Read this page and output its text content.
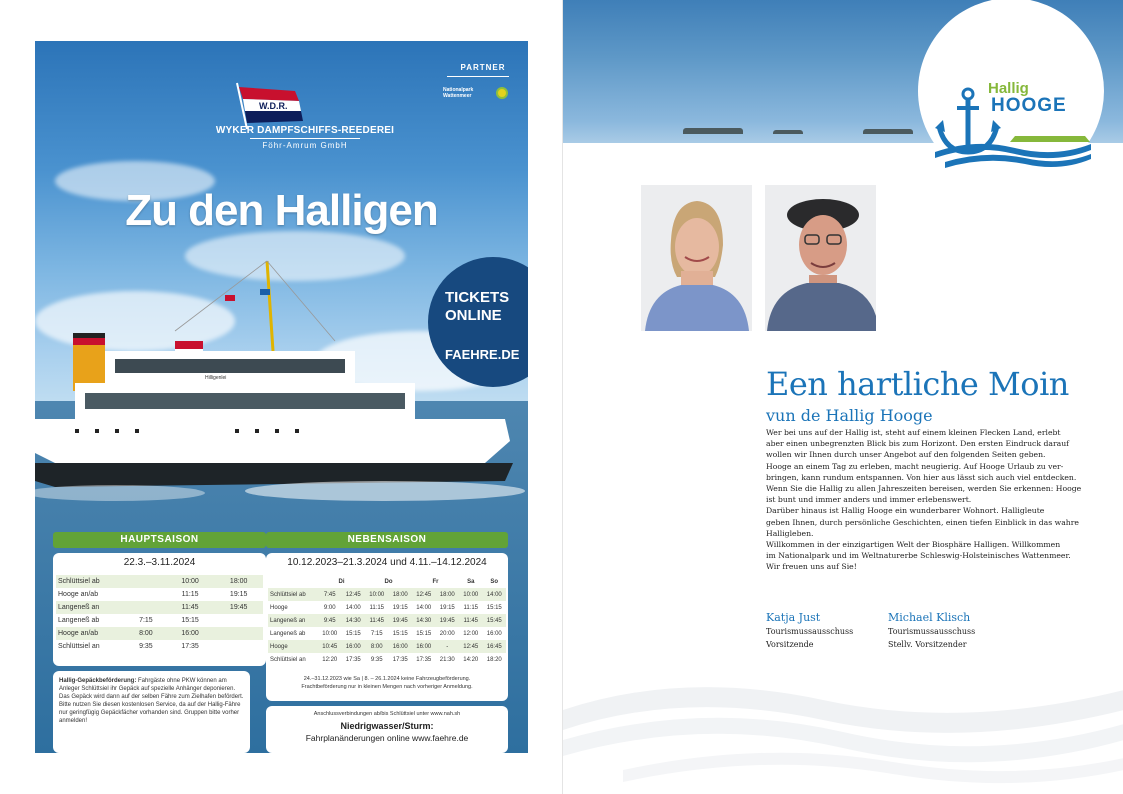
PARTNER
Nationalpark
Wattenmeer
W.D.R.
WYKER DAMPFSCHIFFS-REEDEREI
Föhr-Amrum GmbH
Zu den Halligen
Hilligenlei
TICKETS
ONLINE
FAEHRE.DE
HAUPTSAISON
22.3.–3.11.2024
Schlüttsiel ab		10:00	18:00
Hooge an/ab		11:15	19:15
Langeneß an		11:45	19:45
Langeneß ab	7:15	15:15	
Hooge an/ab	8:00	16:00	
Schlüttsiel an	9:35	17:35	
Hallig-Gepäckbeförderung: Fahrgäste ohne PKW können am Anleger Schlüttsiel ihr Gepäck auf spezielle Anhänger deponieren. Das Gepäck wird dann auf der selben Fähre zum Zielhafen befördert. Bitte nutzen Sie diesen kostenlosen Service, da auf der Hallig-Fähre nur geringfügig Gepäckfächer vorhanden sind. Gruppen bitte vorher anmelden!
NEBENSAISON
10.12.2023–21.3.2024 und 4.11.–14.12.2024
	Di		Do		Fr		Sa	So
Schlüttsiel ab	7:45	12:45	10:00	18:00	12:45	18:00	10:00	14:00
Hooge	9:00	14:00	11:15	19:15	14:00	19:15	11:15	15:15
Langeneß an	9:45	14:30	11:45	19:45	14:30	19:45	11:45	15:45
Langeneß ab	10:00	15:15	7:15	15:15	15:15	20:00	12:00	16:00
Hooge	10:45	16:00	8:00	16:00	16:00	-	12:45	16:45
Schlüttsiel an	12:20	17:35	9:35	17:35	17:35	21:30	14:20	18:20
24.–31.12.2023 wie Sa | 8. – 26.1.2024 keine Fahrzeugbeförderung.
Frachtbeförderung nur in kleinen Mengen nach vorheriger Anmeldung.
Anschlussverbindungen ab/bis Schlüttsiel unter www.nah.sh
Niedrigwasser/Sturm:
Fahrplanänderungen online www.faehre.de
Hallig
HOOGE
Een hartliche Moin
vun de Hallig Hooge

Wer bei uns auf der Hallig ist, steht auf einem kleinen Flecken Land, erlebt

aber einen unbegrenzten Blick bis zum Horizont. Den ersten Eindruck darauf

wollen wir Ihnen durch unser Angebot auf den folgenden Seiten geben.

Hooge an einem Tag zu erleben, macht neugierig. Auf Hooge Urlaub zu ver-

bringen, kann rundum entspannen. Von hier aus lässt sich auch viel entdecken.

Wenn Sie die Hallig zu allen Jahreszeiten bereisen, werden Sie erkennen: Hooge

ist bunt und immer anders und immer erlebenswert.

Darüber hinaus ist Hallig Hooge ein wunderbarer Wohnort. Halligleute

geben Ihnen, durch persönliche Geschichten, einen tiefen Einblick in das wahre

Halligleben.

Willkommen in der einzigartigen Welt der Biosphäre Halligen. Willkommen

im Nationalpark und im Weltnaturerbe Schleswig-Holsteinisches Wattenmeer.

Wir freuen uns auf Sie!

Katja Just
Tourismussausschuss
Vorsitzende
Michael Klisch
Tourismussausschuss
Stellv. Vorsitzender
